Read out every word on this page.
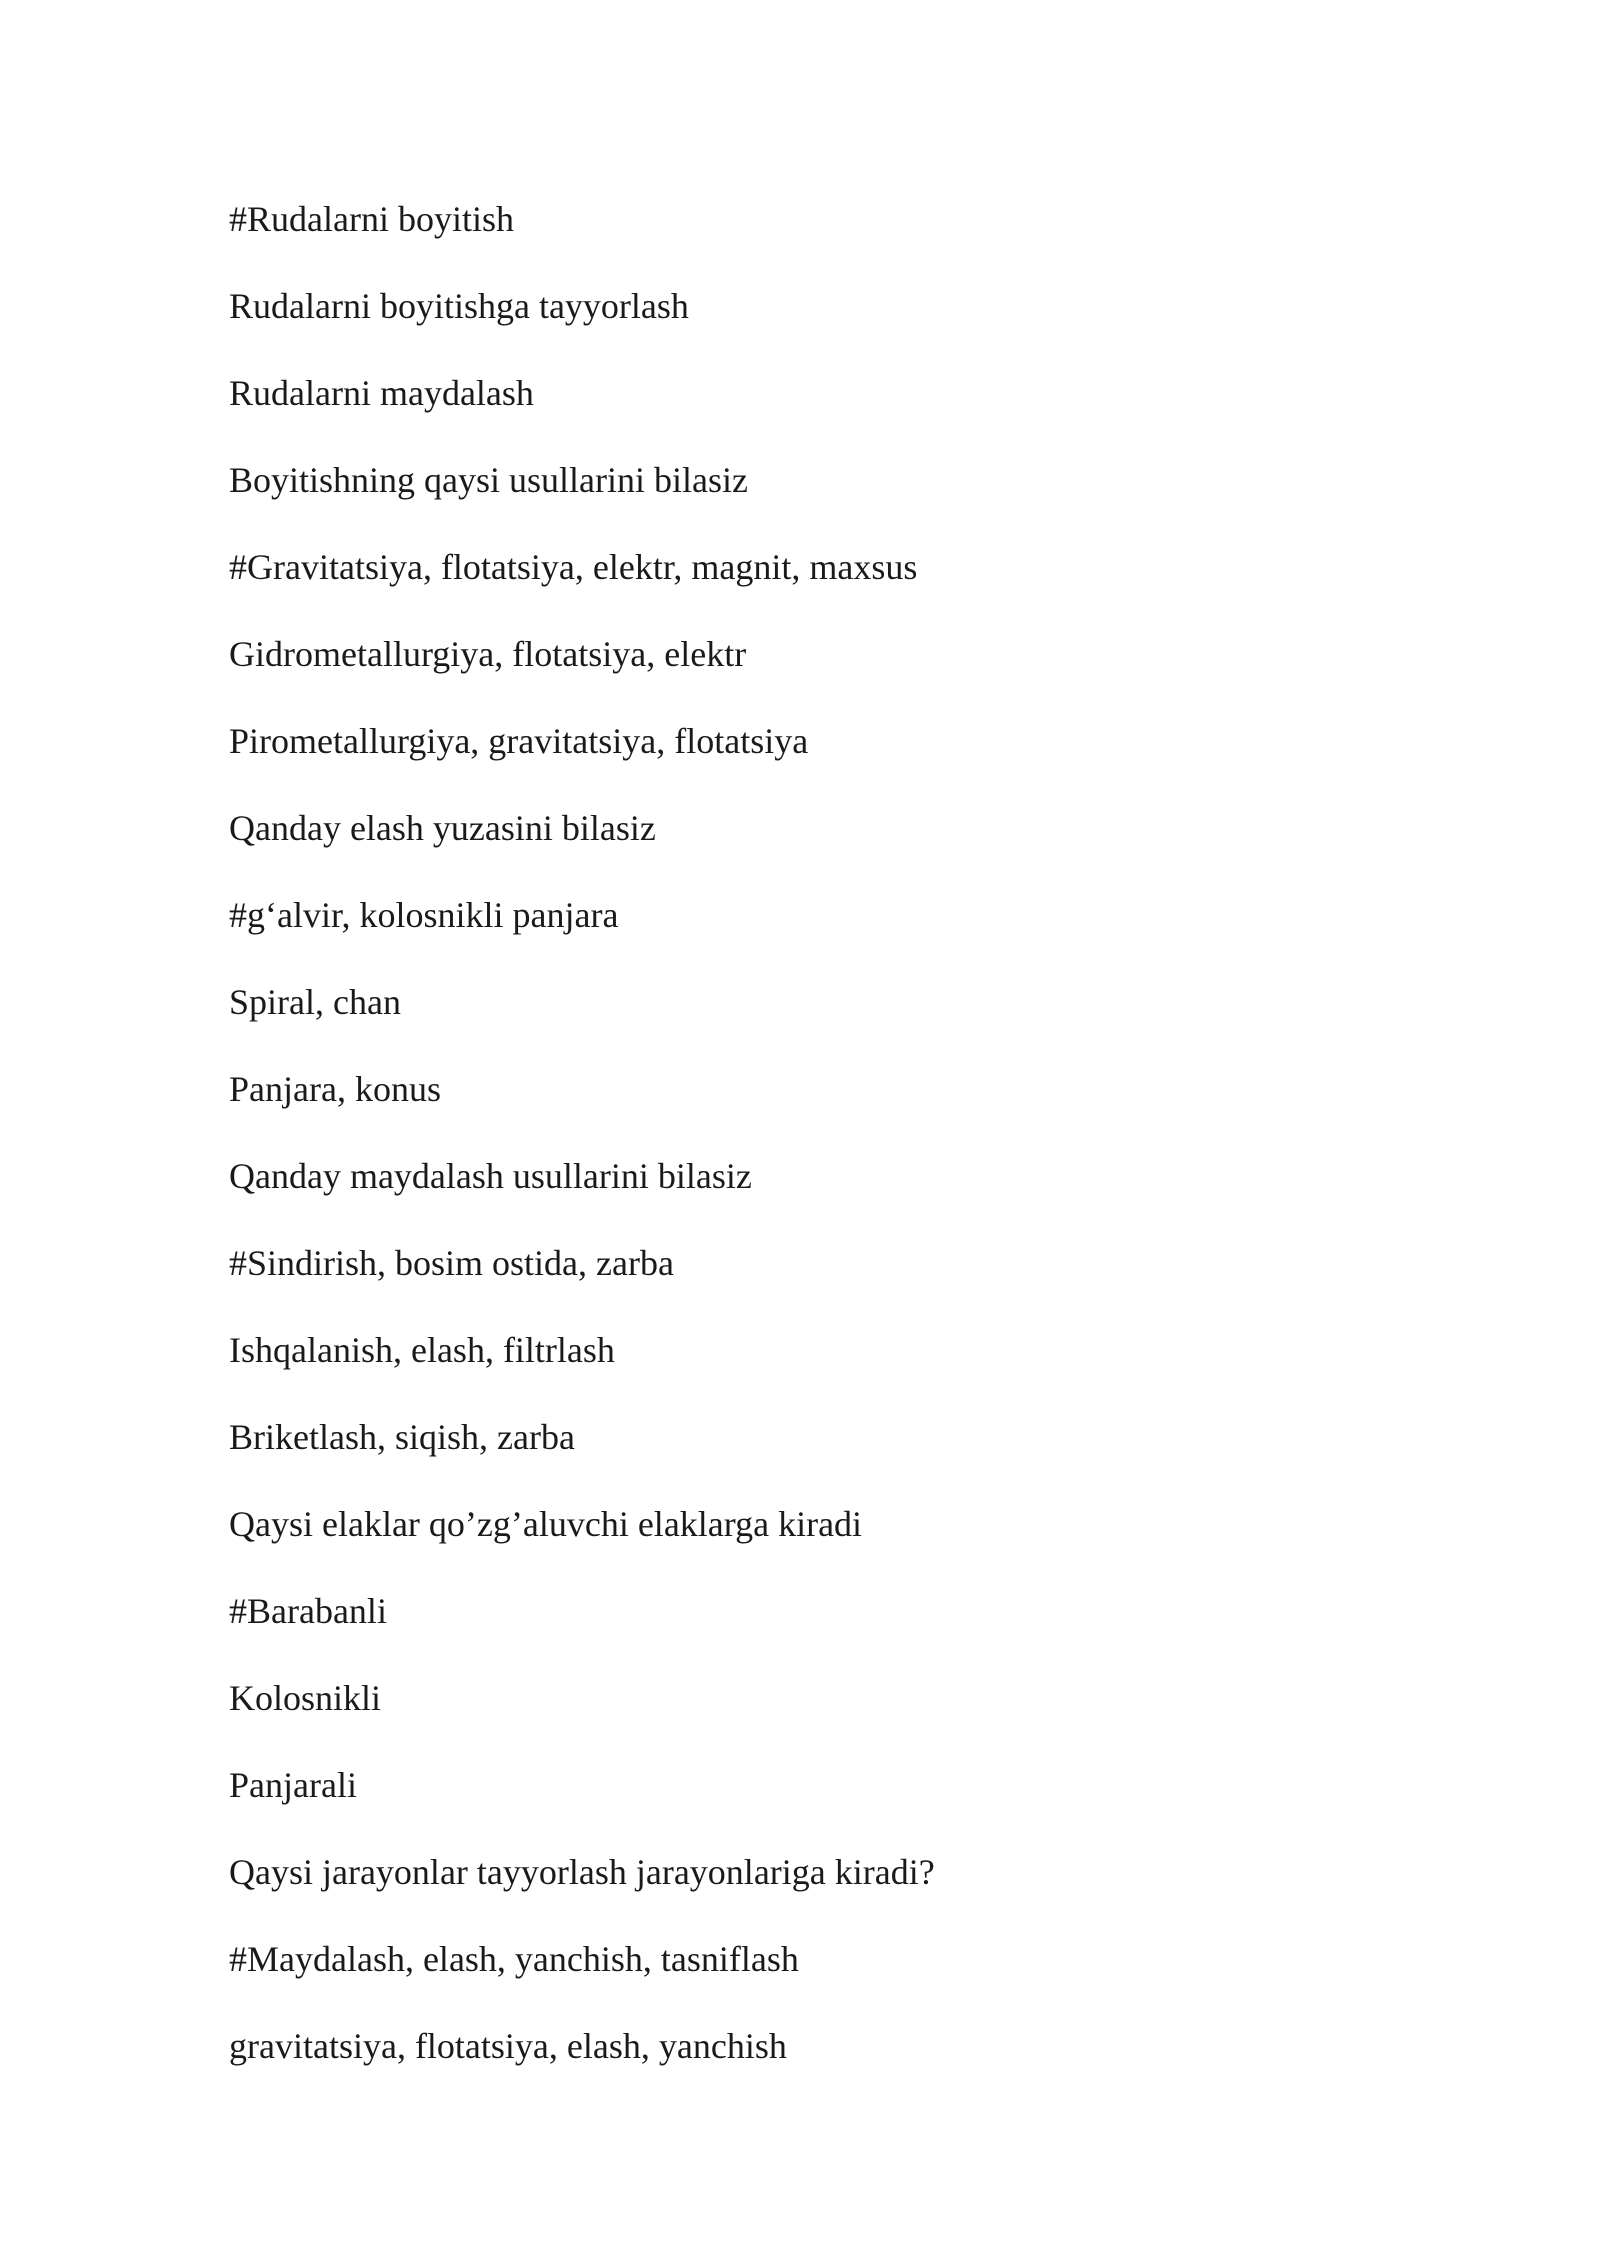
#Rudalarni boyitish
Rudalarni boyitishga tayyorlash
Rudalarni maydalash
Boyitishning qaysi usullarini bilasiz
#Gravitatsiya, flotatsiya, elektr, magnit, maxsus
Gidrometallurgiya, flotatsiya, elektr
Pirometallurgiya, gravitatsiya, flotatsiya
Qanday elash yuzasini bilasiz
#g‘alvir, kolosnikli panjara
Spiral, chan
Panjara, konus
Qanday maydalash usullarini bilasiz
#Sindirish, bosim ostida, zarba
Ishqalanish, elash, filtrlash
Briketlash, siqish, zarba
Qaysi elaklar qo’zg’aluvchi elaklarga kiradi
#Barabanli
Kolosnikli
Panjarali
Qaysi jarayonlar tayyorlash jarayonlariga kiradi?
#Maydalash, elash, yanchish, tasniflash
gravitatsiya, flotatsiya, elash, yanchish
